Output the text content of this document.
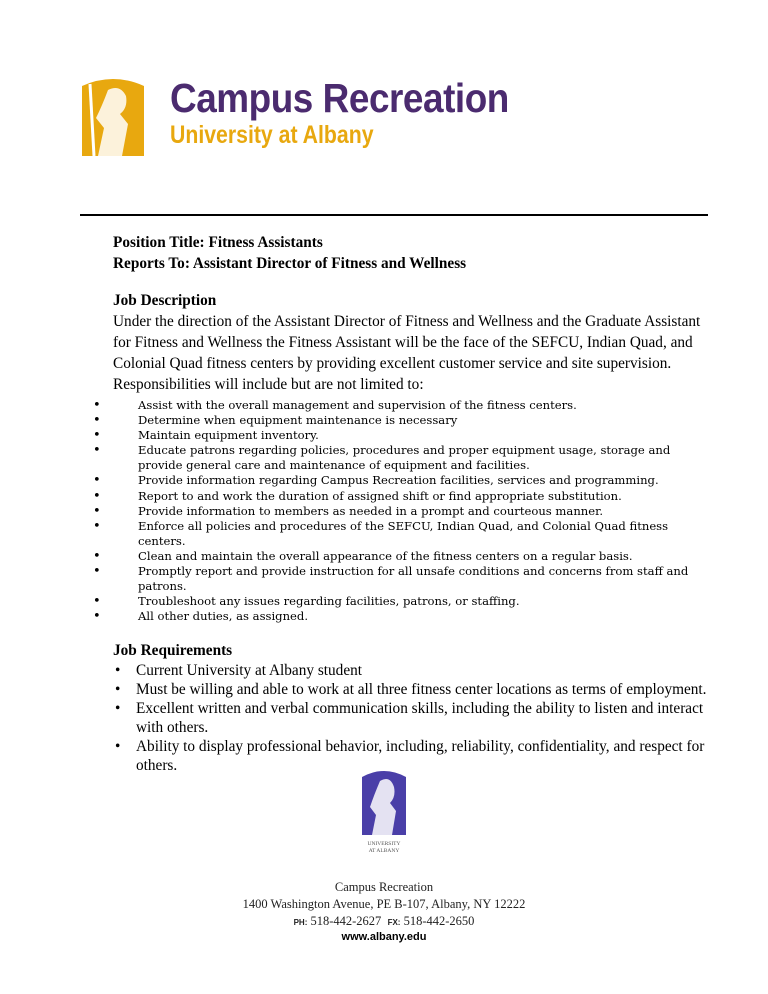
Campus Recreation
University at Albany
Position Title: Fitness Assistants
Reports To: Assistant Director of Fitness and Wellness
Job Description
Under the direction of the Assistant Director of Fitness and Wellness and the Graduate Assistant for Fitness and Wellness the Fitness Assistant will be the face of the SEFCU, Indian Quad, and Colonial Quad fitness centers by providing excellent customer service and site supervision. Responsibilities will include but are not limited to:
• Assist with the overall management and supervision of the fitness centers.
• Determine when equipment maintenance is necessary
• Maintain equipment inventory.
• Educate patrons regarding policies, procedures and proper equipment usage, storage and provide general care and maintenance of equipment and facilities.
• Provide information regarding Campus Recreation facilities, services and programming.
• Report to and work the duration of assigned shift or find appropriate substitution.
• Provide information to members as needed in a prompt and courteous manner.
• Enforce all policies and procedures of the SEFCU, Indian Quad, and Colonial Quad fitness centers.
• Clean and maintain the overall appearance of the fitness centers on a regular basis.
• Promptly report and provide instruction for all unsafe conditions and concerns from staff and patrons.
• Troubleshoot any issues regarding facilities, patrons, or staffing.
• All other duties, as assigned.
Job Requirements
• Current University at Albany student
• Must be willing and able to work at all three fitness center locations as terms of employment.
• Excellent written and verbal communication skills, including the ability to listen and interact with others.
• Ability to display professional behavior, including, reliability, confidentiality, and respect for others.
UNIVERSITY
AT ALBANY
Campus Recreation
1400 Washington Avenue, PE B-107, Albany, NY 12222
PH: 518-442-2627 FX: 518-442-2650
www.albany.edu
